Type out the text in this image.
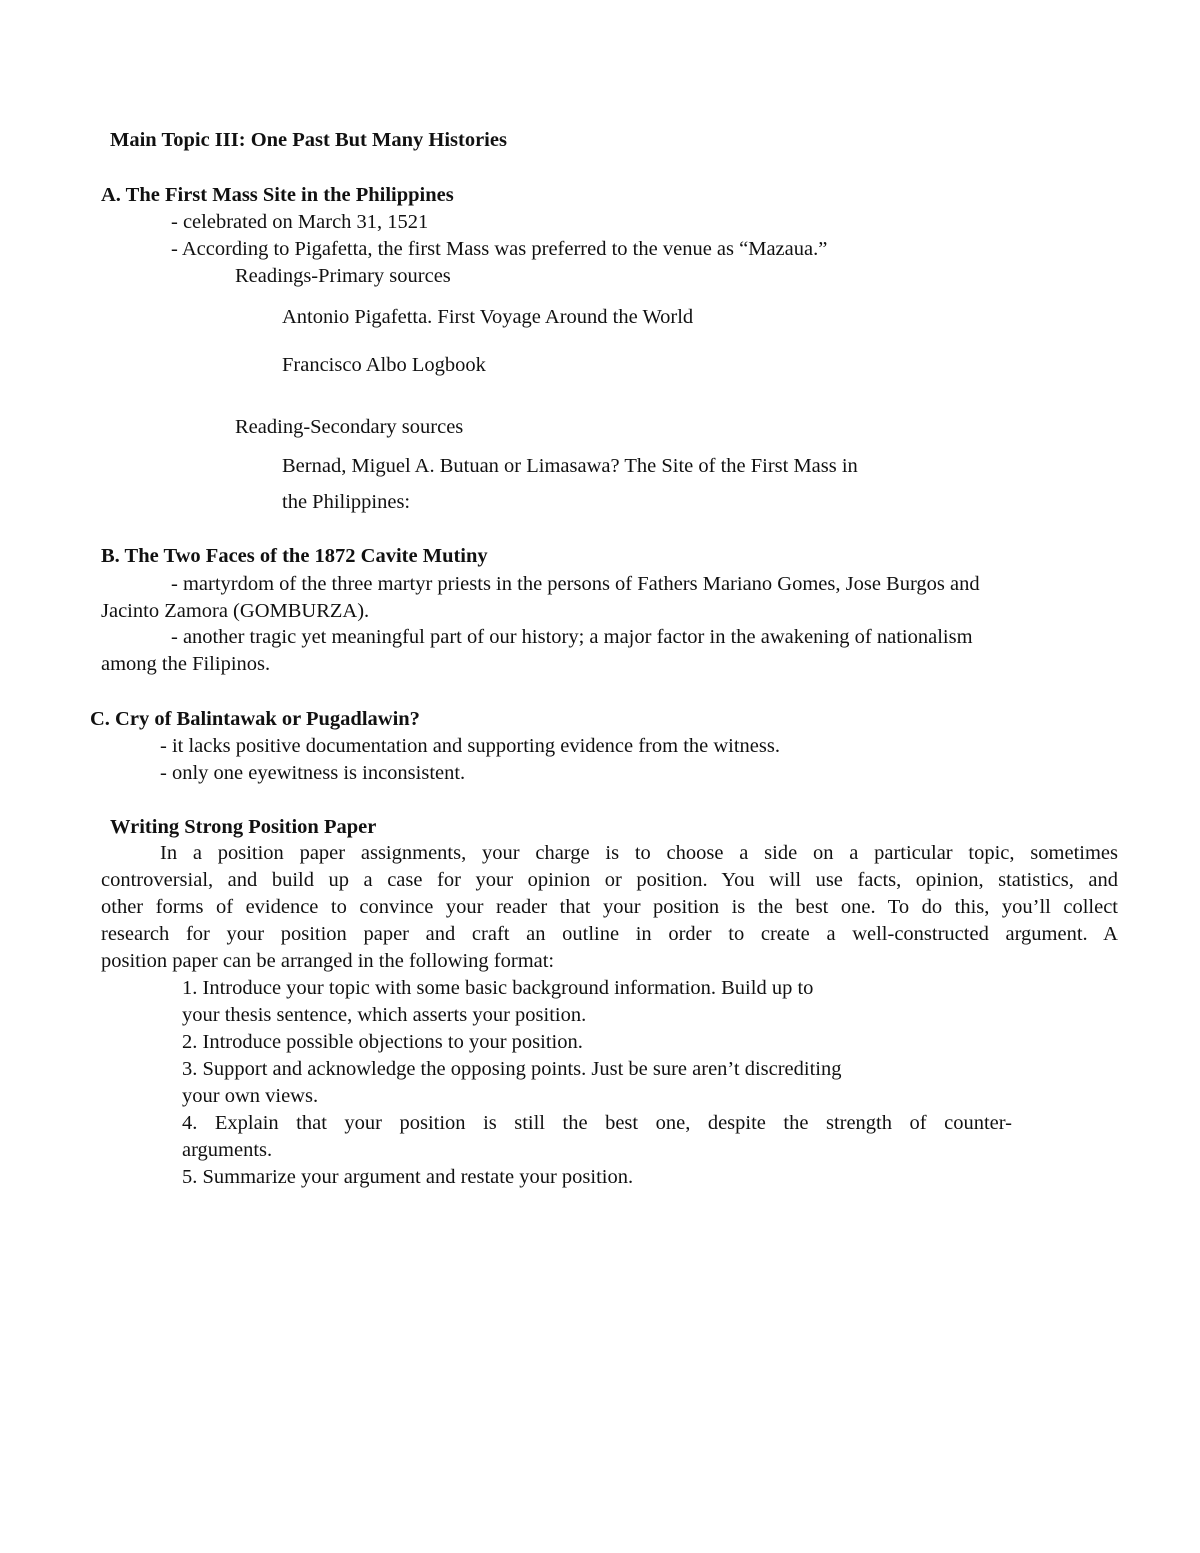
Main Topic III: One Past But Many Histories
A. The First Mass Site in the Philippines
- celebrated on March 31, 1521
- According to Pigafetta, the first Mass was preferred to the venue as “Mazaua.”
Readings-Primary sources
Antonio Pigafetta. First Voyage Around the World
Francisco Albo Logbook
Reading-Secondary sources
Bernad, Miguel A. Butuan or Limasawa? The Site of the First Mass in
the Philippines:
B. The Two Faces of the 1872 Cavite Mutiny
- martyrdom of the three martyr priests in the persons of Fathers Mariano Gomes, Jose Burgos and
Jacinto Zamora (GOMBURZA).
- another tragic yet meaningful part of our history; a major factor in the awakening of nationalism
among the Filipinos.
C. Cry of Balintawak or Pugadlawin?
- it lacks positive documentation and supporting evidence from the witness.
- only one eyewitness is inconsistent.
Writing Strong Position Paper
In a position paper assignments, your charge is to choose a side on a particular topic, sometimes
controversial, and build up a case for your opinion or position. You will use facts, opinion, statistics, and
other forms of evidence to convince your reader that your position is the best one. To do this, you’ll collect
research for your position paper and craft an outline in order to create a well-constructed argument. A
position paper can be arranged in the following format:
1. Introduce your topic with some basic background information. Build up to
your thesis sentence, which asserts your position.
2. Introduce possible objections to your position.
3. Support and acknowledge the opposing points. Just be sure aren’t discrediting
your own views.
4. Explain that your position is still the best one, despite the strength of counter-
arguments.
5. Summarize your argument and restate your position.
